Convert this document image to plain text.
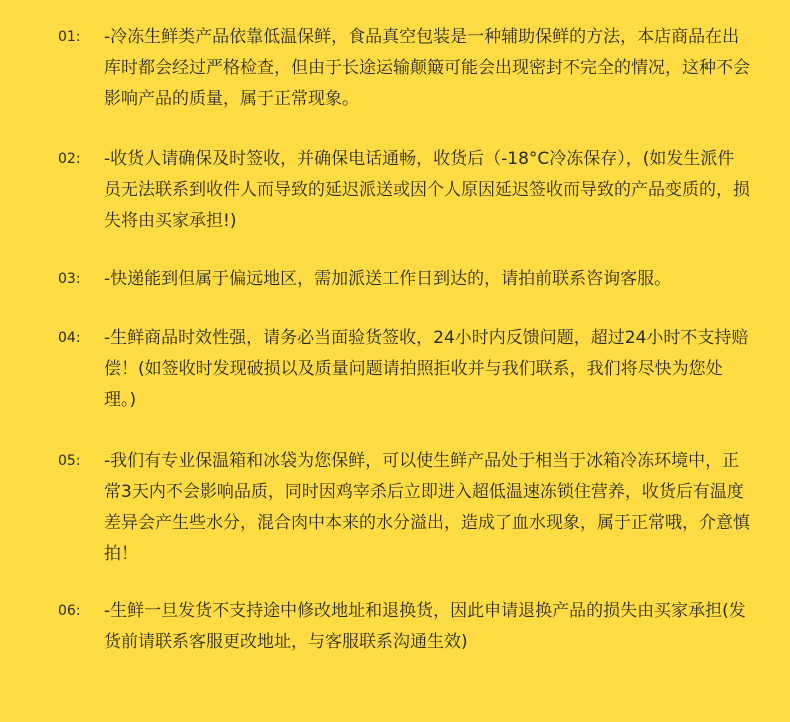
01:	-冷冻生鲜类产品依靠低温保鲜，食品真空包装是一种辅助保鲜的方法，本店商品在出库时都会经过严格检查，但由于长途运输颠簸可能会出现密封不完全的情况，这种不会影响产品的质量，属于正常现象。

02:	-收货人请确保及时签收，并确保电话通畅，收货后（-18°C冷冻保存），(如发生派件员无法联系到收件人而导致的延迟派送或因个人原因延迟签收而导致的产品变质的，损失将由买家承担!)

03:	-快递能到但属于偏远地区，需加派送工作日到达的，请拍前联系咨询客服。

04:	-生鲜商品时效性强，请务必当面验货签收，24小时内反馈问题，超过24小时不支持赔偿！(如签收时发现破损以及质量问题请拍照拒收并与我们联系，我们将尽快为您处理。)

05:	-我们有专业保温箱和冰袋为您保鲜，可以使生鲜产品处于相当于冰箱冷冻环境中，正常3天内不会影响品质，同时因鸡宰杀后立即进入超低温速冻锁住营养，收货后有温度差异会产生些水分，混合肉中本来的水分溢出，造成了血水现象，属于正常哦，介意慎拍！

06:	-生鲜一旦发货不支持途中修改地址和退换货，因此申请退换产品的损失由买家承担(发货前请联系客服更改地址，与客服联系沟通生效)
